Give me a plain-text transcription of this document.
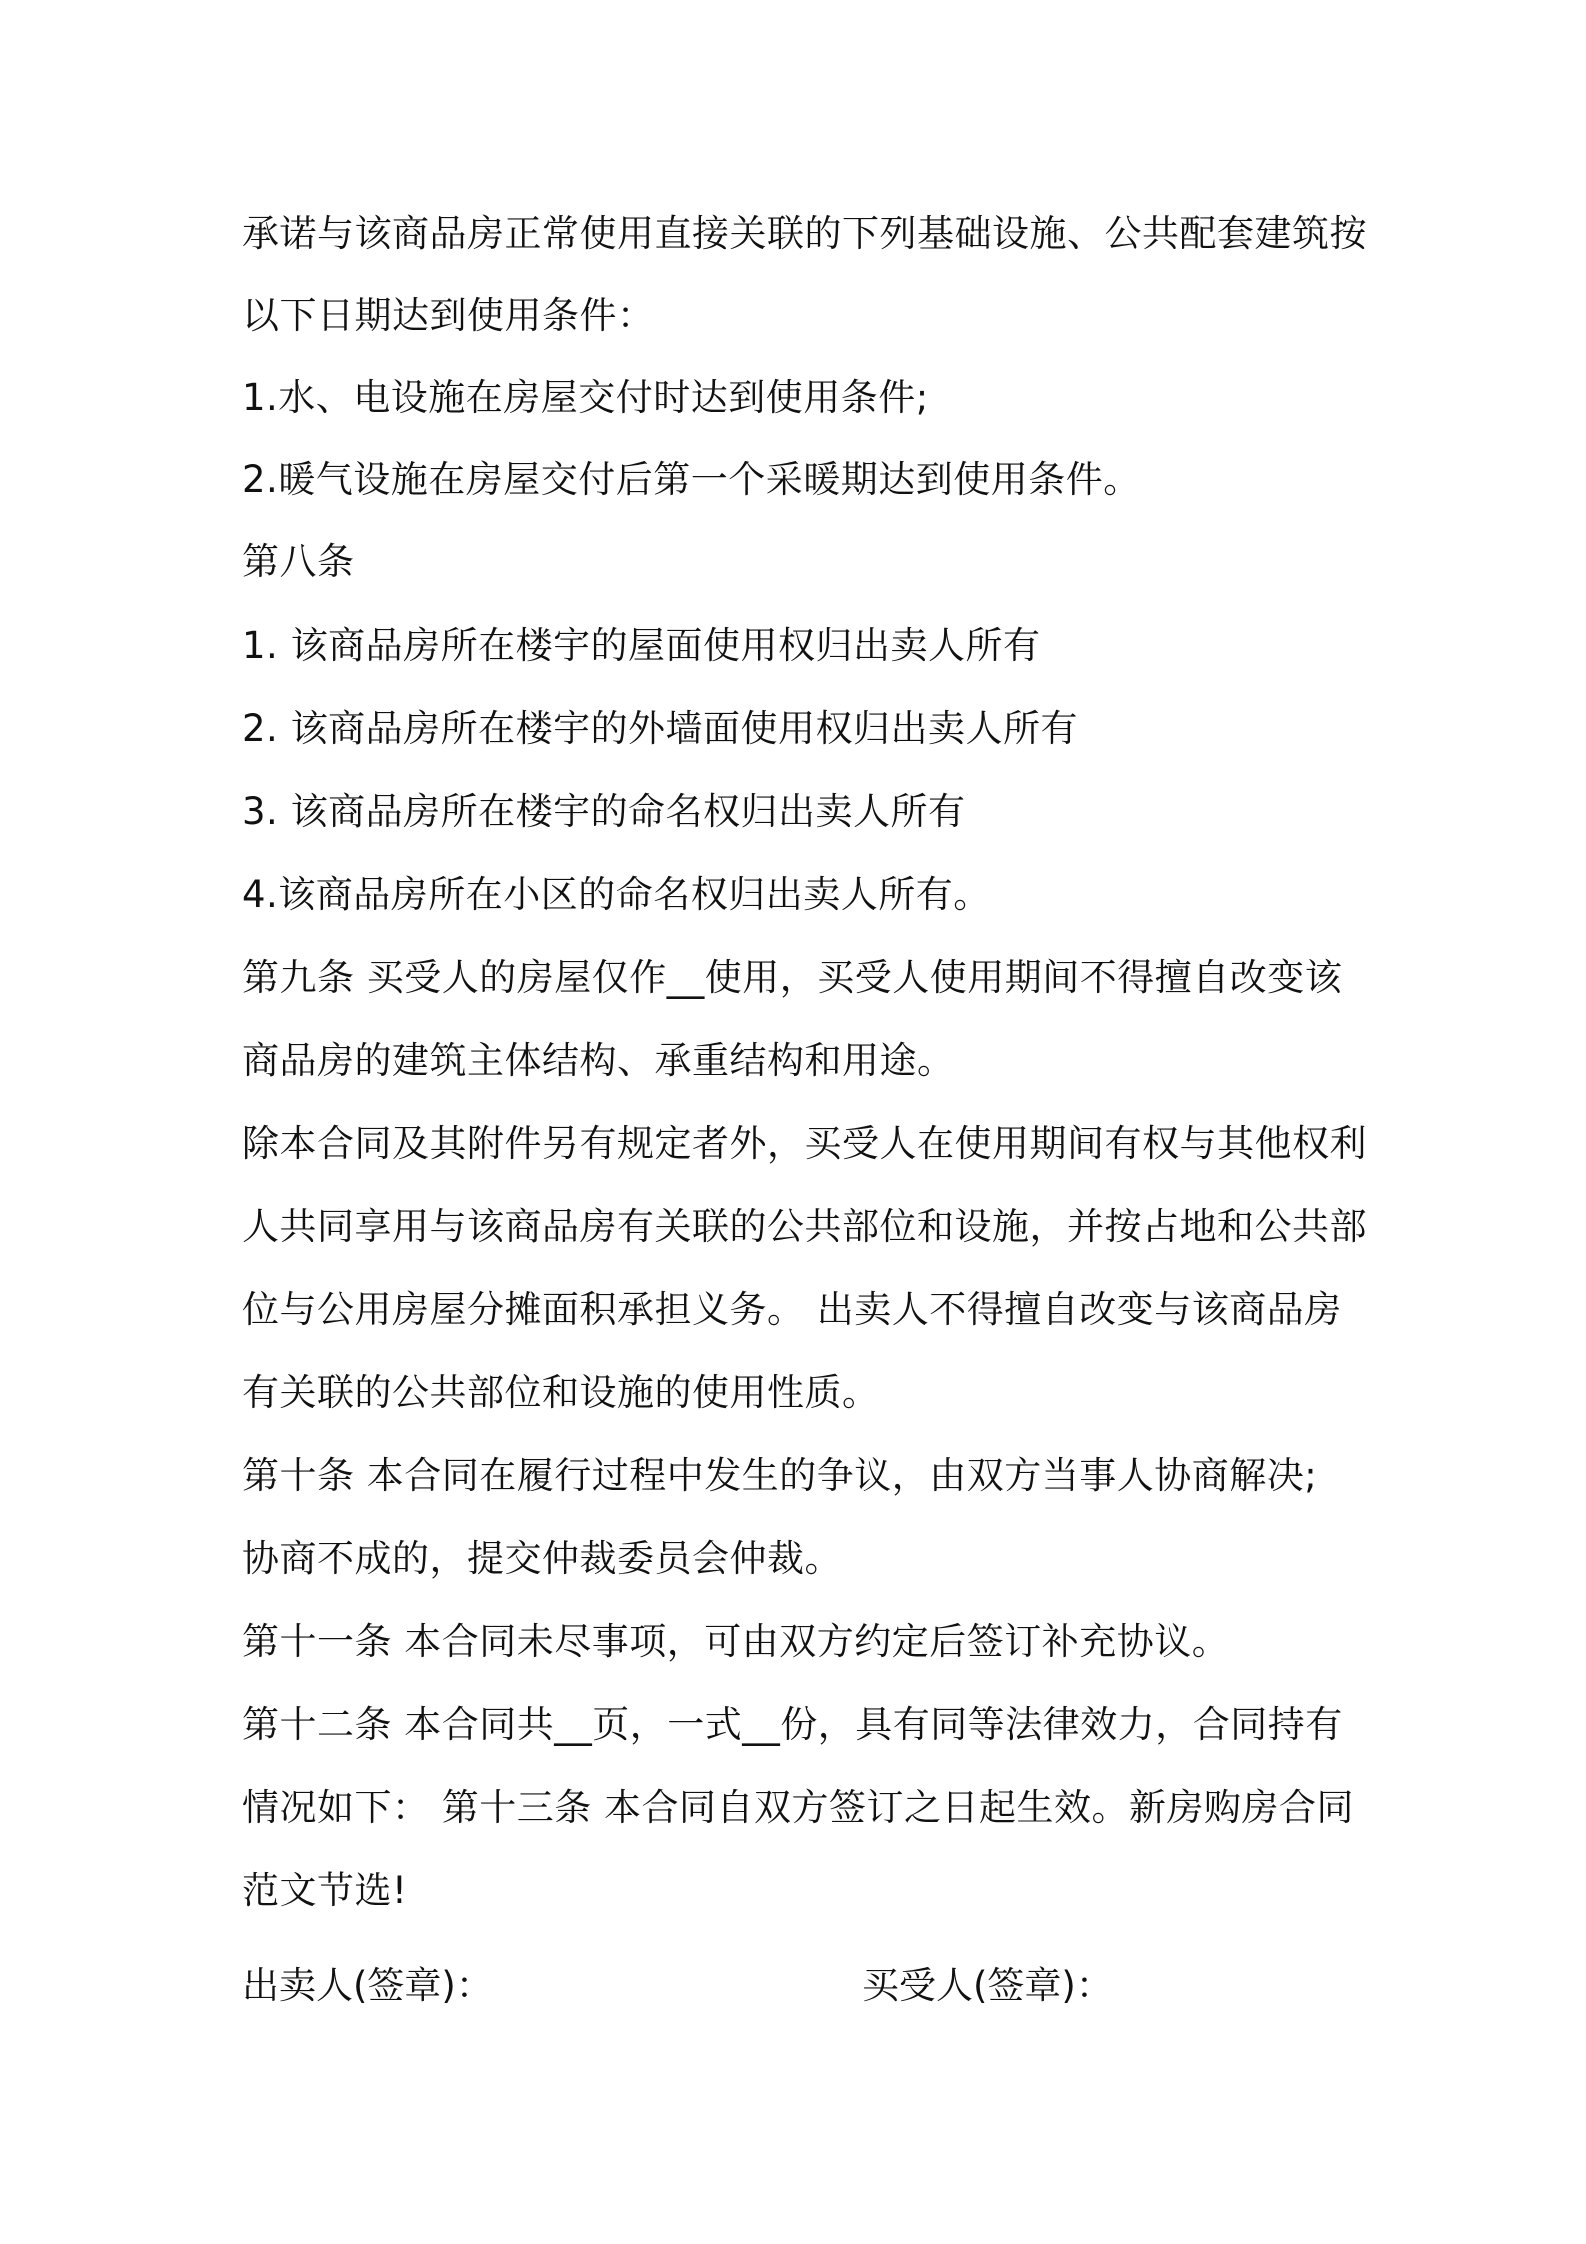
承诺与该商品房正常使用直接关联的下列基础设施、公共配套建筑按
以下日期达到使用条件：
1.水、电设施在房屋交付时达到使用条件;
2.暖气设施在房屋交付后第一个采暖期达到使用条件。
第八条
1. 该商品房所在楼宇的屋面使用权归出卖人所有
2. 该商品房所在楼宇的外墙面使用权归出卖人所有
3. 该商品房所在楼宇的命名权归出卖人所有
4.该商品房所在小区的命名权归出卖人所有。
第九条 买受人的房屋仅作__使用，买受人使用期间不得擅自改变该
商品房的建筑主体结构、承重结构和用途。
除本合同及其附件另有规定者外，买受人在使用期间有权与其他权利
人共同享用与该商品房有关联的公共部位和设施，并按占地和公共部
位与公用房屋分摊面积承担义务。 出卖人不得擅自改变与该商品房
有关联的公共部位和设施的使用性质。
第十条 本合同在履行过程中发生的争议，由双方当事人协商解决;
协商不成的，提交仲裁委员会仲裁。
第十一条 本合同未尽事项，可由双方约定后签订补充协议。
第十二条 本合同共__页，一式__份，具有同等法律效力，合同持有
情况如下： 第十三条 本合同自双方签订之日起生效。新房购房合同
范文节选!
出卖人(签章)：	买受人(签章)：
